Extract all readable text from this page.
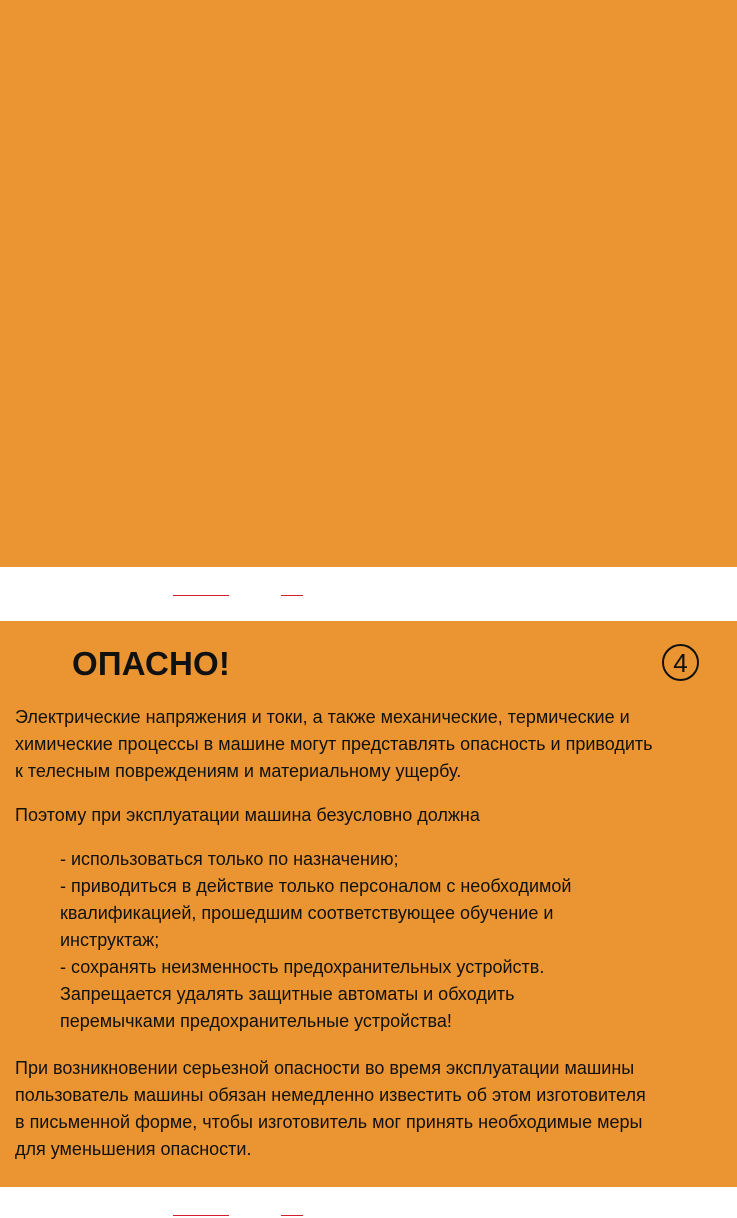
ОПАСНО!	4

Электрические напряжения и токи, а также механические, термические и
химические процессы в машине могут представлять опасность и приводить
к телесным повреждениям и материальному ущербу.

Поэтому при эксплуатации машина безусловно должна

- использоваться только по назначению;
- приводиться в действие только персоналом с необходимой
квалификацией, прошедшим соответствующее обучение и
инструктаж;
- сохранять неизменность предохранительных устройств.
Запрещается удалять защитные автоматы и обходить
перемычками предохранительные устройства!

При возникновении серьезной опасности во время эксплуатации машины
пользователь машины обязан немедленно известить об этом изготовителя
в письменной форме, чтобы изготовитель мог принять необходимые меры
для уменьшения опасности.
